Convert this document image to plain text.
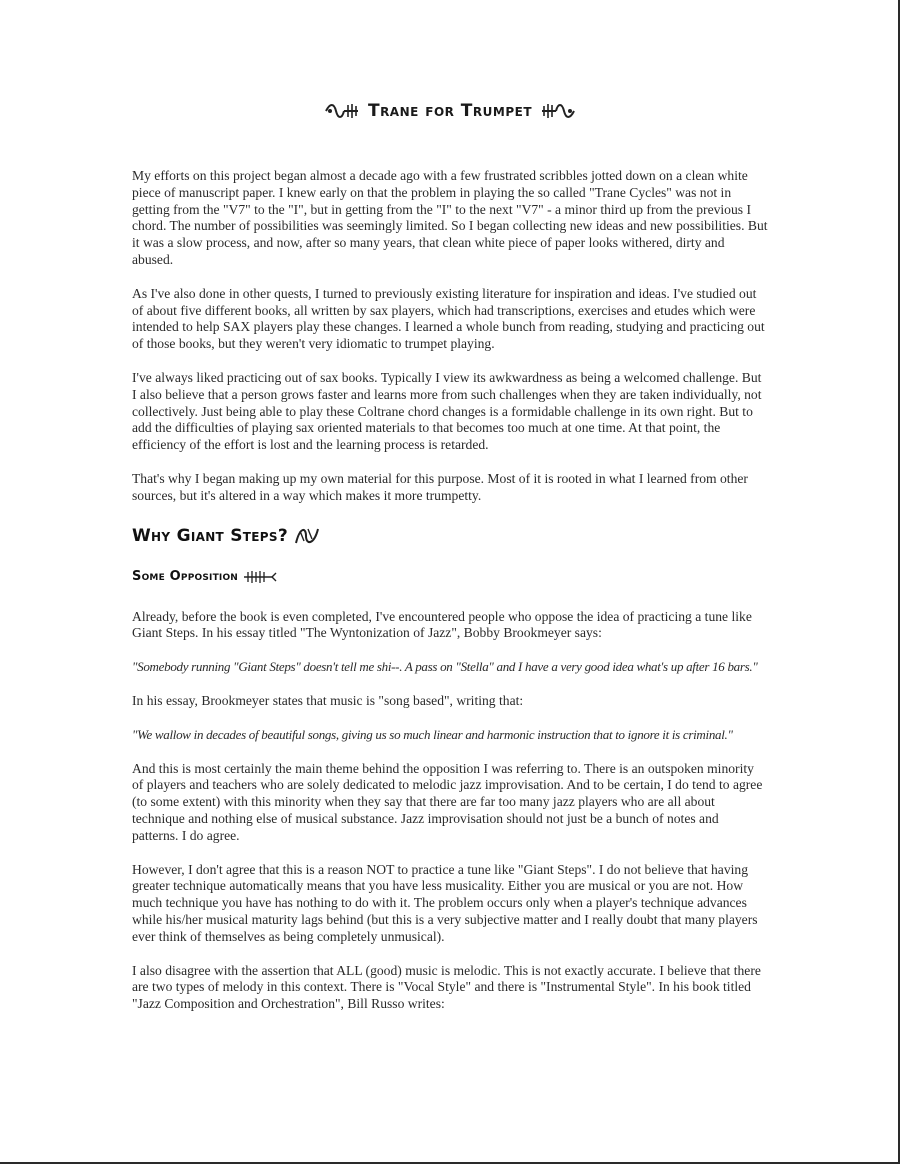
Trane for Trumpet

My efforts on this project began almost a decade ago with a few frustrated scribbles jotted down on a clean white piece of manuscript paper. I knew early on that the problem in playing the so called "Trane Cycles" was not in getting from the "V7" to the "I", but in getting from the "I" to the next "V7" - a minor third up from the previous I chord. The number of possibilities was seemingly limited. So I began collecting new ideas and new possibilities. But it was a slow process, and now, after so many years, that clean white piece of paper looks withered, dirty and abused.

As I've also done in other quests, I turned to previously existing literature for inspiration and ideas. I've studied out of about five different books, all written by sax players, which had transcriptions, exercises and etudes which were intended to help SAX players play these changes. I learned a whole bunch from reading, studying and practicing out of those books, but they weren't very idiomatic to trumpet playing.

I've always liked practicing out of sax books. Typically I view its awkwardness as being a welcomed challenge. But I also believe that a person grows faster and learns more from such challenges when they are taken individually, not collectively. Just being able to play these Coltrane chord changes is a formidable challenge in its own right. But to add the difficulties of playing sax oriented materials to that becomes too much at one time. At that point, the efficiency of the effort is lost and the learning process is retarded.

That's why I began making up my own material for this purpose. Most of it is rooted in what I learned from other sources, but it's altered in a way which makes it more trumpetty.

Why Giant Steps?
Some Opposition

Already, before the book is even completed, I've encountered people who oppose the idea of practicing a tune like Giant Steps. In his essay titled "The Wyntonization of Jazz", Bobby Brookmeyer says:

"Somebody running "Giant Steps" doesn't tell me shi--. A pass on "Stella" and I have a very good idea what's up after 16 bars."

In his essay, Brookmeyer states that music is "song based", writing that:

"We wallow in decades of beautiful songs, giving us so much linear and harmonic instruction that to ignore it is criminal."

And this is most certainly the main theme behind the opposition I was referring to. There is an outspoken minority of players and teachers who are solely dedicated to melodic jazz improvisation. And to be certain, I do tend to agree (to some extent) with this minority when they say that there are far too many jazz players who are all about technique and nothing else of musical substance. Jazz improvisation should not just be a bunch of notes and patterns. I do agree.

However, I don't agree that this is a reason NOT to practice a tune like "Giant Steps". I do not believe that having greater technique automatically means that you have less musicality. Either you are musical or you are not. How much technique you have has nothing to do with it. The problem occurs only when a player's technique advances while his/her musical maturity lags behind (but this is a very subjective matter and I really doubt that many players ever think of themselves as being completely unmusical).

I also disagree with the assertion that ALL (good) music is melodic. This is not exactly accurate. I believe that there are two types of melody in this context. There is "Vocal Style" and there is "Instrumental Style". In his book titled "Jazz Composition and Orchestration", Bill Russo writes:
